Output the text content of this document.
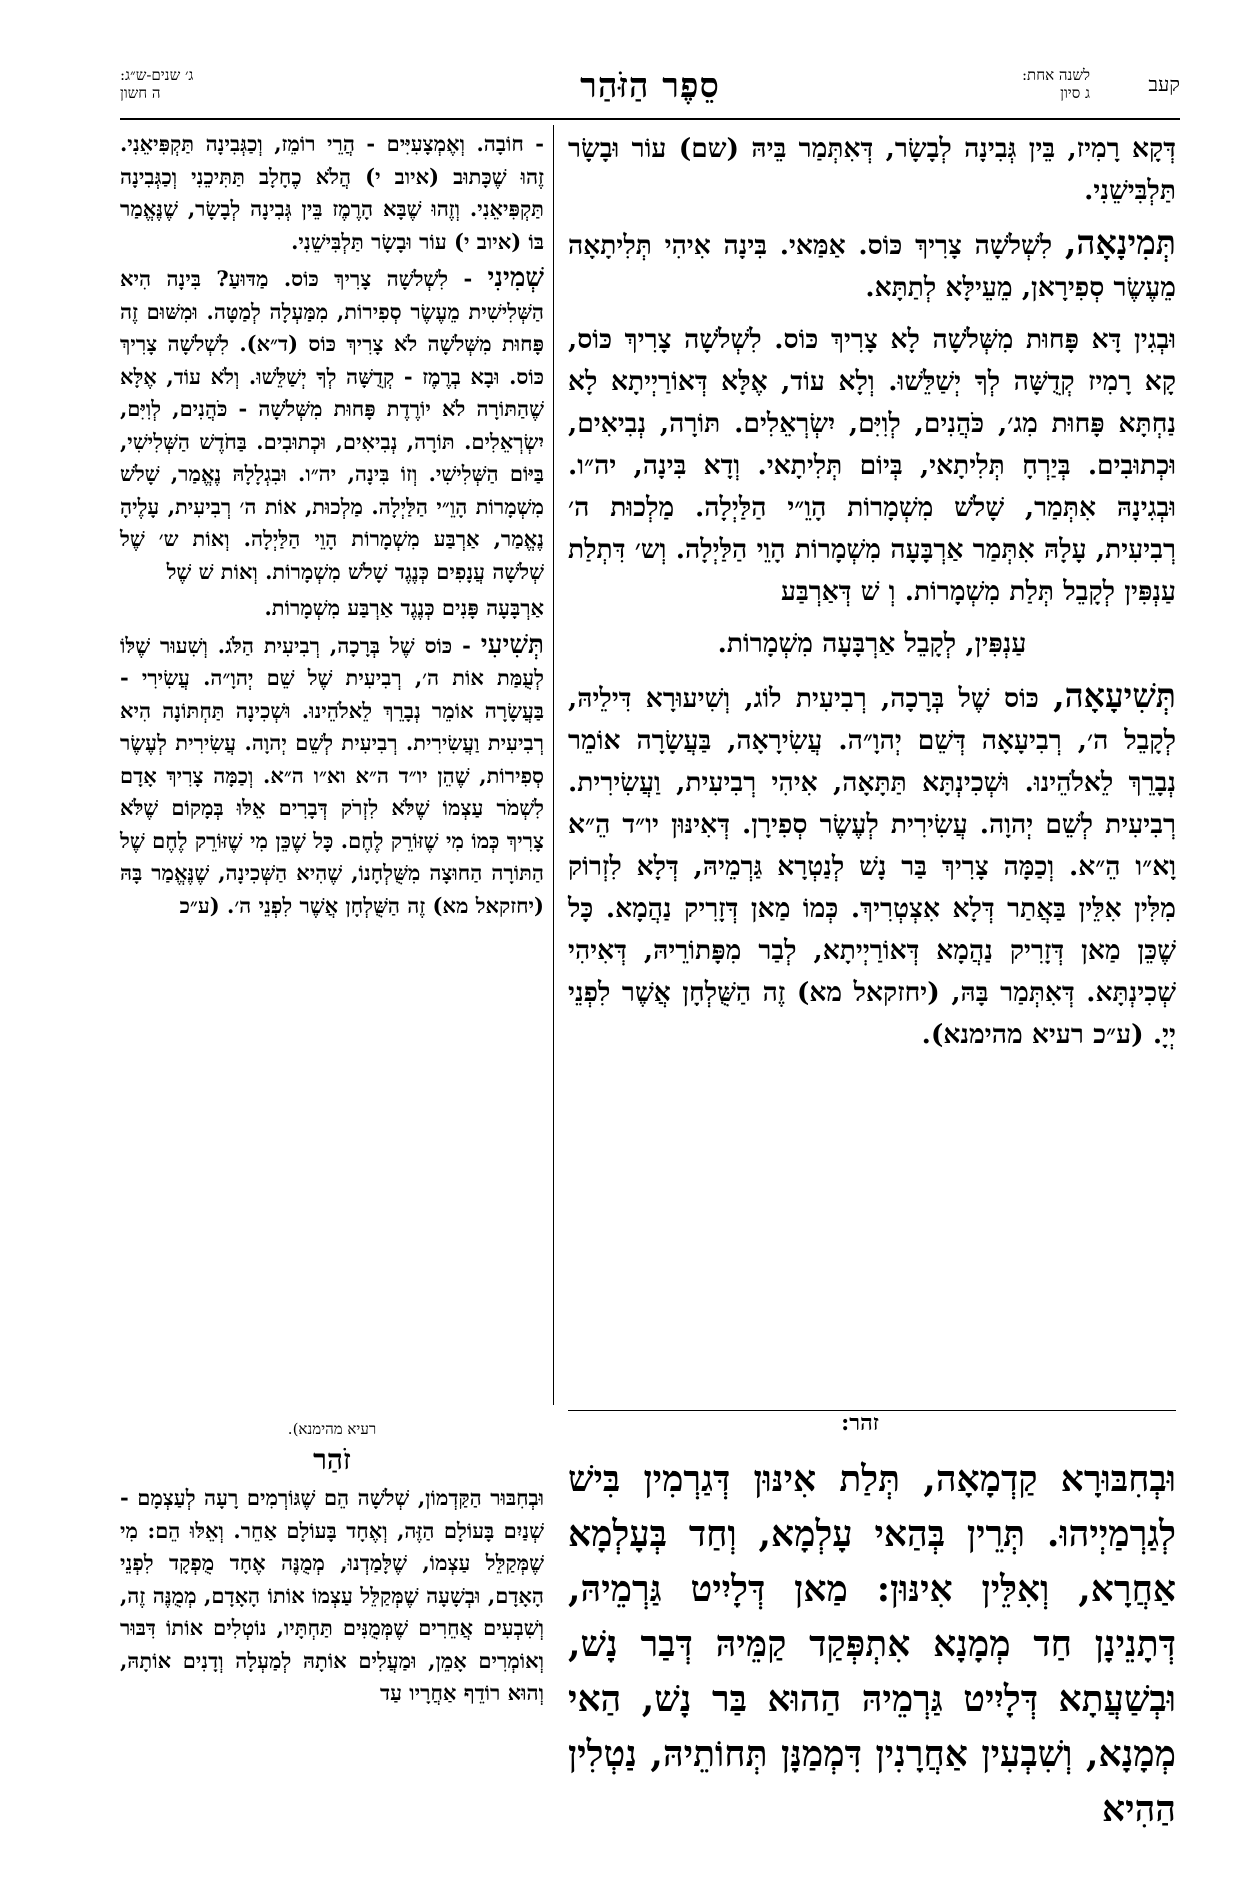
קעב
לשנה אחת:
ג סיון
סֵפֶר הַזֹּהַר
ג׳ שנים-ש״ג:
ה חשון

דְּקָא רָמִיז, בֵּין גְּבִינָה לְבָשָׂר, דְּאִתְּמַר בֵּיהּ (שם) עוֹר וּבָשָׂר תַּלְבִּישֵׁנִי.

תְּמִינָאָה, לִשְׁלֹשָׁה צָרִיךְ כּוֹס. אַמַּאי. בִּינָה אִיהִי תְּלִיתָאָה מֵעֶשֶׂר סְפִירָאן, מֵעֵילָּא לְתַתָּא.

וּבְגִין דָּא פָּחוּת מִשְּׁלֹשָׁה לָא צָרִיךְ כּוֹס. לִשְׁלֹשָׁה צָרִיךְ כּוֹס, קָא רָמִיז קְדֻשָּׁה לְךָ יְשַׁלֵּשׁוּ. וְלָא עוֹד, אֶלָּא דְּאוֹרַיְיתָא לָא נַחְתָּא פָּחוּת מִג׳, כֹּהֲנִים, לְוִיִּם, יִשְׂרְאֵלִים. תּוֹרָה, נְבִיאִים, וּכְתוּבִים. בְּיַרְחָ תְּלִיתָאי, בְּיוֹם תְּלִיתָאי. וְדָא בִּינָה, יה״ו. וּבְגִינָהּ אִתְּמַר, שָׁלֹשׁ מִשְׁמָרוֹת הָוֵ״י הַלַּיְלָה. מַלְכוּת ה׳ רְבִיעִית, עָלָהּ אִתְּמַר אַרְבָּעָה מִשְׁמָרוֹת הָוֵי הַלַּיְלָה. וְש׳ דִּתְלַת עַנְפִּין לְקָבֵל תְּלַת מִשְׁמָרוֹת. וְ שׁ דְּאַרְבַּע

עַנְפִּין, לְקָבֵל אַרְבָּעָה מִשְׁמָרוֹת.

תְּשִׁיעָאָה, כּוֹס שֶׁל בְּרָכָה, רְבִיעִית לוֹג, וְשִׁיעוּרָא דִּילֵיהּ, לְקָבֵל ה׳, רְבִיעָאָה דְּשֵׁם יְהוָ״ה. עֲשִׂירָאָה, בַּעֲשָׂרָה אוֹמֵר נְבָרֵךְ לֵאלֹהֵינוּ. וּשְׁכִינְתָּא תַּתָּאָה, אִיהִי רְבִיעִית, וַעֲשִׂירִית. רְבִיעִית לְשֵׁם יְהוָה. עֲשִׂירִית לְעֶשֶׂר סְפִירָן. דְּאִינּוּן יו״ד הֵ״א וָא״ו הֵ״א. וְכַמָּה צָרִיךְ בַּר נָשׁ לְנַטְרָא גַּרְמֵיהּ, דְּלָא לִזְרוֹק מִלִּין אִלֵּין בַּאֲתַר דְּלָא אִצְטְרִיךְ. כְּמוֹ מַאן דְּזָרִיק נַהֲמָא. כָּל שֶׁכֵּן מַאן דְּזָרִיק נַהֲמָא דְּאוֹרַיְיתָא, לְבַר מִפָּתוֹרֵיהּ, דְּאִיהִי שְׁכִינְתָּא. דְּאִתְּמַר בָּהּ, (יחזקאל מא) זֶה הַשֻּׁלְחָן אֲשֶׁר לִפְנֵי יְיָ. (ע״כ רעיא מהימנא).

- חוֹבָה. וְאֶמְצָעִיִּים - הֲרֵי רוֹמֵז, וְכַגְּבִינָה תַּקְפִּיאֵנִי. זֶהוּ שֶׁכָּתוּב (איוב י) הֲלֹא כֶחָלָב תַּתִּיכֵנִי וְכַגְּבִינָה תַּקְפִּיאֵנִי. וְזֶהוּ שֶׁבָּא הָרֶמֶז בֵּין גְּבִינָה לְבָשָׂר, שֶׁנֶּאֱמַר בּוֹ (איוב י) עוֹר וּבָשָׂר תַּלְבִּישֵׁנִי.

שְׁמִינִי - לִשְׁלֹשָׁה צָרִיךְ כּוֹס. מַדּוּעַ? בִּינָה הִיא הַשְּׁלִישִׁית מֵעֶשֶׂר סְפִירוֹת, מִמַּעְלָה לְמַטָּה. וּמִשּׁוּם זֶה פָּחוּת מִשְּׁלֹשָׁה לֹא צָרִיךְ כּוֹס (ד״א). לִשְׁלֹשָׁה צָרִיךְ כּוֹס. וּבָא בְרֶמֶז - קְדֻשָּׁה לְךָ יְשַׁלֵּשׁוּ. וְלֹא עוֹד, אֶלָּא שֶׁהַתּוֹרָה לֹא יוֹרֶדֶת פָּחוּת מִשְּׁלֹשָׁה - כֹּהֲנִים, לְוִיִּם, יִשְׂרְאֵלִים. תּוֹרָה, נְבִיאִים, וּכְתוּבִים. בַּחֹדֶשׁ הַשְּׁלִישִׁי, בַּיּוֹם הַשְּׁלִישִׁי. וְזוֹ בִּינָה, יה״ו. וּבִגְלָלָהּ נֶאֱמַר, שָׁלֹשׁ מִשְׁמָרוֹת הָוֵ״י הַלַּיְלָה. מַלְכוּת, אוֹת ה׳ רְבִיעִית, עָלֶיהָ נֶאֱמַר, אַרְבַּע מִשְׁמָרוֹת הָוֵי הַלַּיְלָה. וְאוֹת ש׳ שֶׁל שְׁלֹשָׁה עֲנָפִים כְּנֶגֶד שָׁלֹשׁ מִשְׁמָרוֹת. וְאוֹת שׁ שֶׁל

אַרְבָּעָה פָּנִים כְּנֶגֶד אַרְבַּע מִשְׁמָרוֹת.

תְּשִׁיעִי - כּוֹס שֶׁל בְּרָכָה, רְבִיעִית הַלֹּג. וְשִׁעוּר שֶׁלּוֹ לְעֻמַּת אוֹת ה׳, רְבִיעִית שֶׁל שֵׁם יְהוָ״ה. עֲשִׂירִי - בַּעֲשָׂרָה אוֹמֵר נְבָרֵךְ לֵאלֹהֵינוּ. וּשְׁכִינָה תַּחְתּוֹנָה הִיא רְבִיעִית וַעֲשִׂירִית. רְבִיעִית לְשֵׁם יְהוָה. עֲשִׂירִית לְעֶשֶׂר סְפִירוֹת, שֶׁהֵן יו״ד ה״א וא״ו ה״א. וְכַמָּה צָרִיךְ אָדָם לִשְׁמֹר עַצְמוֹ שֶׁלֹּא לִזְרֹק דְּבָרִים אֵלּוּ בְּמָקוֹם שֶׁלֹּא צָרִיךְ כְּמוֹ מִי שֶׁזּוֹרֵק לֶחֶם. כָּל שֶׁכֵּן מִי שֶׁזּוֹרֵק לֶחֶם שֶׁל הַתּוֹרָה הַחוּצָה מִשֻּׁלְחָנוֹ, שֶׁהִיא הַשְּׁכִינָה, שֶׁנֶּאֱמַר בָּהּ (יחזקאל מא) זֶה הַשֻּׁלְחָן אֲשֶׁר לִפְנֵי ה׳. (ע״כ

זהר:
וּבְחִבּוּרָא קַדְמָאָה, תְּלַת אִינּוּן דְּגַרְמִין בִּישׁ לְגַרְמַיְיהוּ. תְּרֵין בְּהַאי עָלְמָא, וְחַד בְּעָלְמָא אַחֲרָא, וְאִלֵּין אִינּוּן: מַאן דְּלָיִיט גַּרְמֵיהּ, דְּתָנֵינָן חַד מְמָנָא אִתְפְּקַד קַמֵּיהּ דְּבַר נָשׁ, וּבְשַׁעֲתָא דְּלָיִיט גַּרְמֵיהּ הַהוּא בַּר נָשׁ, הַאי מְמָנָא, וְשִׁבְעִין אַחֲרָנִין דִּמְמַנָּן תְּחוֹתֵיהּ, נַטְלִין הַהִיא
רעיא מהימנא).
זֹהַר
וּבְחִבּוּר הַקַּדְמוֹן, שְׁלֹשָׁה הֵם שֶׁגּוֹרְמִים רָעָה לְעַצְמָם - שְׁנַיִם בָּעוֹלָם הַזֶּה, וְאֶחָד בָּעוֹלָם אַחֵר. וְאֵלּוּ הֵם: מִי שֶׁמְּקַלֵּל עַצְמוֹ, שֶׁלָּמַדְנוּ, מְמֻנֶּה אֶחָד מֻפְקָד לִפְנֵי הָאָדָם, וּבְשָׁעָה שֶׁמְּקַלֵּל עַצְמוֹ אוֹתוֹ הָאָדָם, מְמֻנֶּה זֶה, וְשִׁבְעִים אֲחֵרִים שֶׁמְּמֻנִּים תַּחְתָּיו, נוֹטְלִים אוֹתוֹ דִּבּוּר וְאוֹמְרִים אָמֵן, וּמַעֲלִים אוֹתָהּ לְמַעְלָה וְדָנִים אוֹתָהּ, וְהוּא רוֹדֵף אַחֲרָיו עַד
